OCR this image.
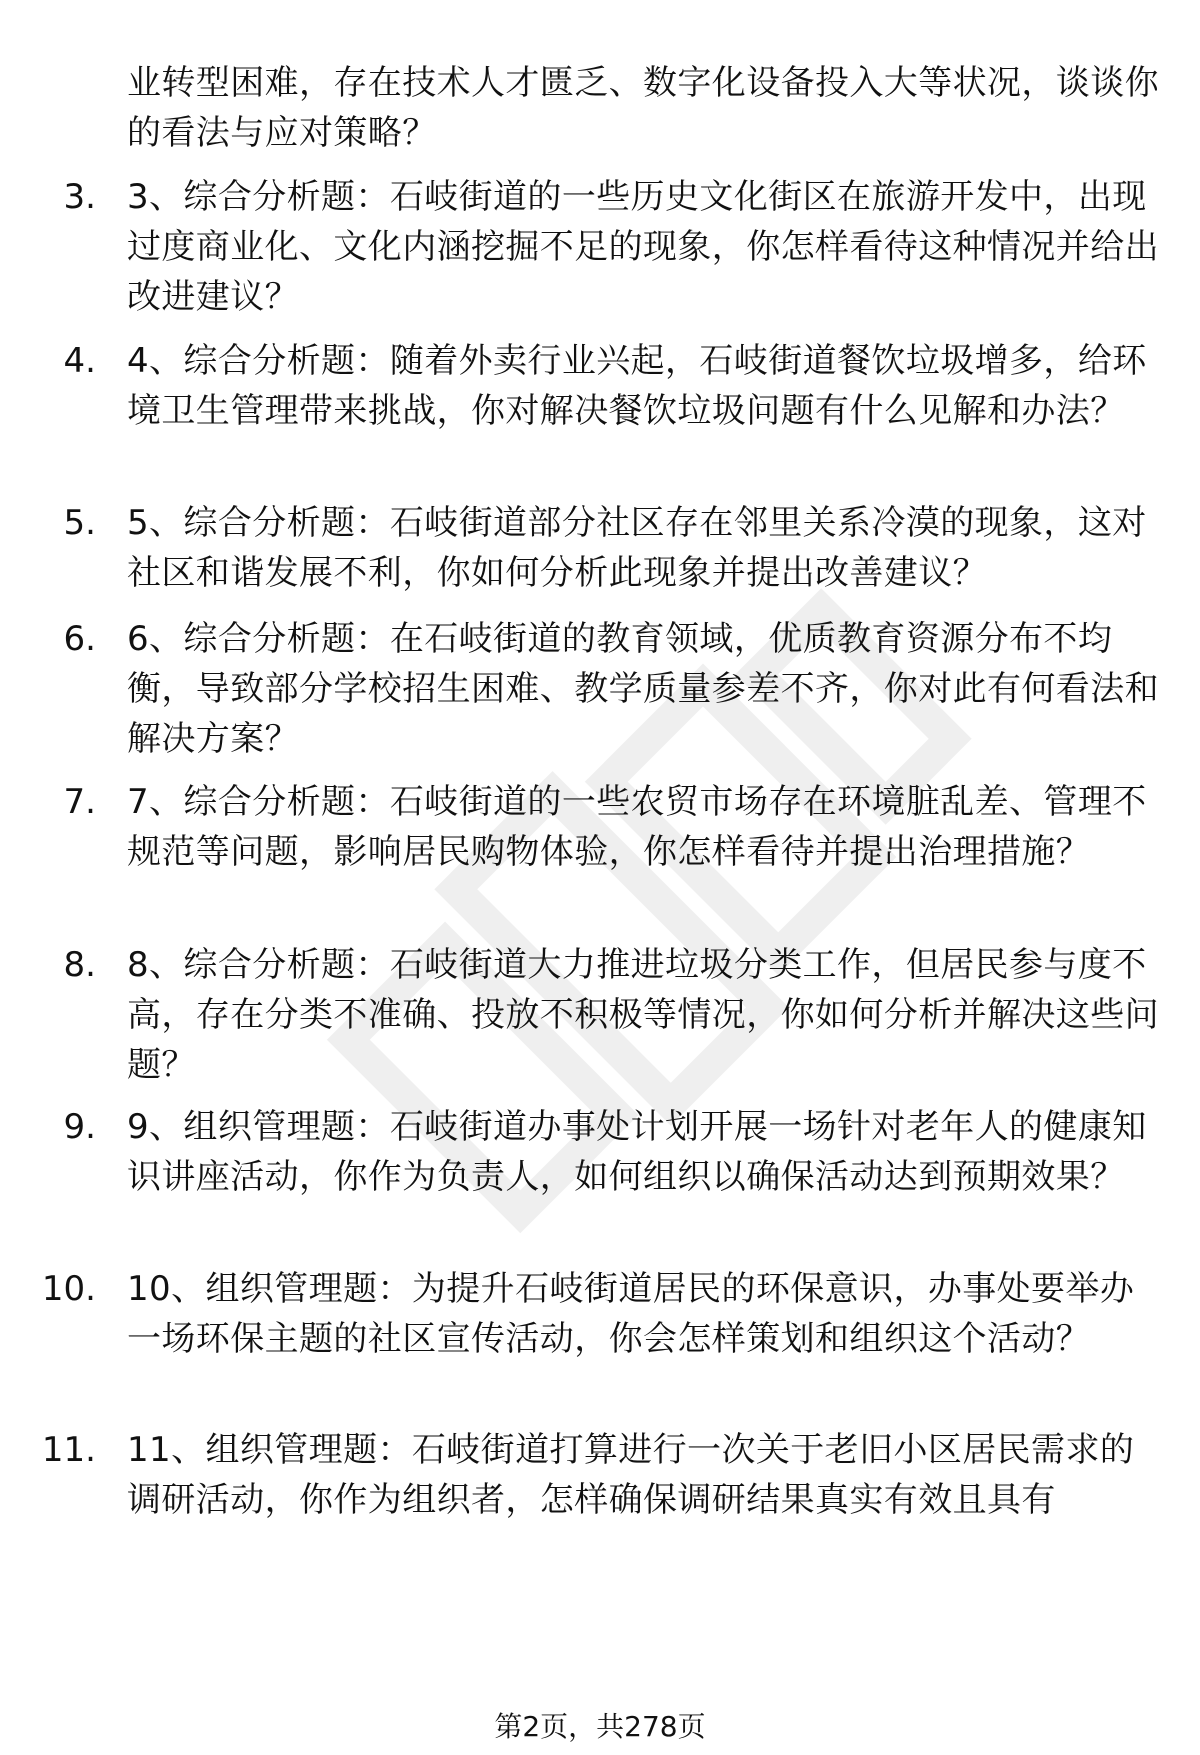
业转型困难，存在技术人才匮乏、数字化设备投入大等状况，谈谈你的看法与应对策略？
3. 3、综合分析题：石岐街道的一些历史文化街区在旅游开发中，出现过度商业化、文化内涵挖掘不足的现象，你怎样看待这种情况并给出改进建议？
4. 4、综合分析题：随着外卖行业兴起，石岐街道餐饮垃圾增多，给环境卫生管理带来挑战，你对解决餐饮垃圾问题有什么见解和办法？
5. 5、综合分析题：石岐街道部分社区存在邻里关系冷漠的现象，这对社区和谐发展不利，你如何分析此现象并提出改善建议？
6. 6、综合分析题：在石岐街道的教育领域，优质教育资源分布不均衡，导致部分学校招生困难、教学质量参差不齐，你对此有何看法和解决方案？
7. 7、综合分析题：石岐街道的一些农贸市场存在环境脏乱差、管理不规范等问题，影响居民购物体验，你怎样看待并提出治理措施？
8. 8、综合分析题：石岐街道大力推进垃圾分类工作，但居民参与度不高，存在分类不准确、投放不积极等情况，你如何分析并解决这些问题？
9. 9、组织管理题：石岐街道办事处计划开展一场针对老年人的健康知识讲座活动，你作为负责人，如何组织以确保活动达到预期效果？
10. 10、组织管理题：为提升石岐街道居民的环保意识，办事处要举办一场环保主题的社区宣传活动，你会怎样策划和组织这个活动？
11. 11、组织管理题：石岐街道打算进行一次关于老旧小区居民需求的调研活动，你作为组织者，怎样确保调研结果真实有效且具有
第2页，共278页
